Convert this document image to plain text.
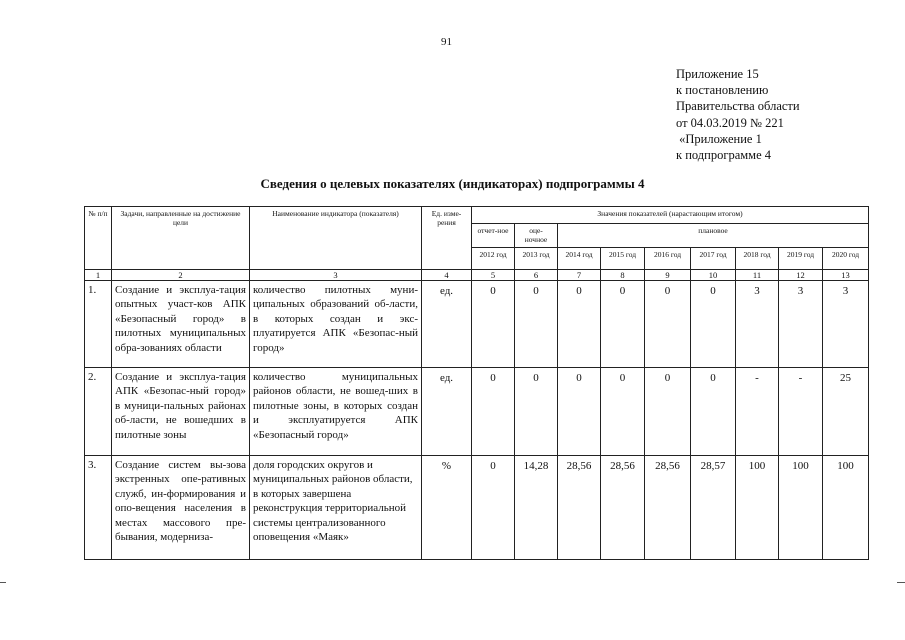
91
Приложение 15
к постановлению
Правительства области
от 04.03.2019 № 221
«Приложение 1
к подпрограмме 4
Сведения о целевых показателях (индикаторах) подпрограммы 4
№ п/п	Задачи, направленные на достижение цели	Наименование индикатора (показателя)	Ед. изме-рения	Значения показателей (нарастающим итогом)								
				отчет-ное	оце-ночное	плановое						
				2012 год	2013 год	2014 год	2015 год	2016 год	2017 год	2018 год	2019 год	2020 год
1	2	3	4	5	6	7	8	9	10	11	12	13
1.	Создание и эксплуа-тация опытных участ-ков АПК «Безопасный город» в пилотных муниципальных обра-зованиях области	количество пилотных муни-ципальных образований об-ласти, в которых создан и экс-плуатируется АПК «Безопас-ный город»	ед.	0	0	0	0	0	0	3	3	3
2.	Создание и эксплуа-тация АПК «Безопас-ный город» в муници-пальных районах об-ласти, не вошедших в пилотные зоны	количество муниципальных районов области, не вошед-ших в пилотные зоны, в которых создан и эксплуатируется АПК «Безопасный город»	ед.	0	0	0	0	0	0	-	-	25
3.	Создание систем вы-зова экстренных опе-ративных служб, ин-формирования и опо-вещения населения в местах массового пре-бывания, модерниза-	доля городских округов и муниципальных районов области, в которых завершена реконструкция территориальной системы централизованного оповещения «Маяк»	%	0	14,28	28,56	28,56	28,56	28,57	100	100	100
